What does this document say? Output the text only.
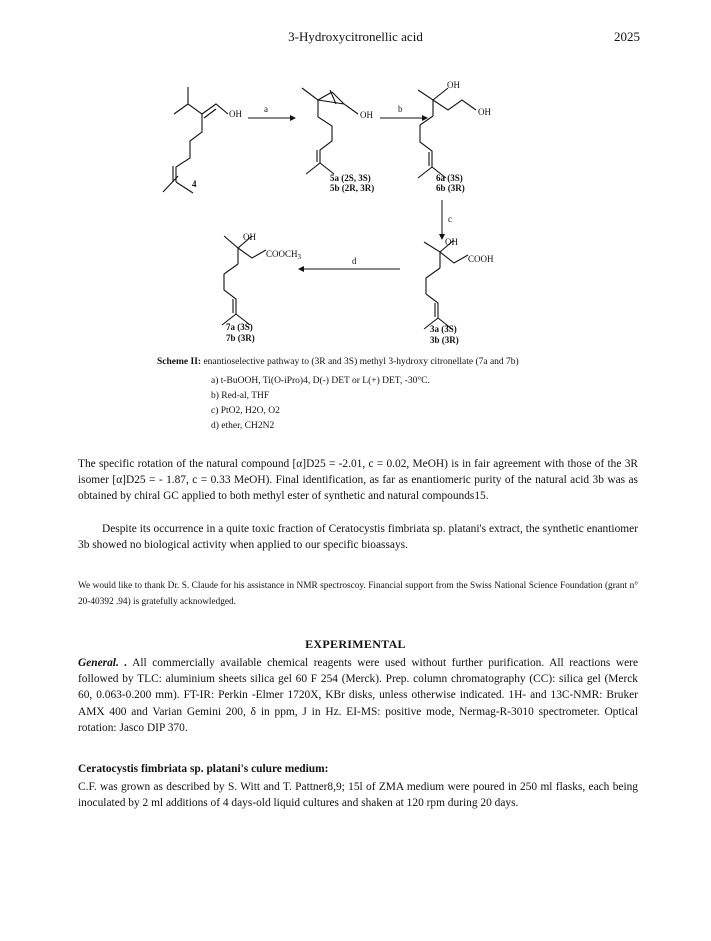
3-Hydroxycitronellic acid	2025
OH
4
a
OH
5a (2S, 3S)
5b (2R, 3R)
b
OH
OH
6a (3S)
6b (3R)
c
OH
COOH
3a (3S)
3b (3R)
d
OH
$COOCH_3$
7a (3S)
7b (3R)
Scheme II: enantioselective pathway to (3R and 3S) methyl 3-hydroxy citronellate (7a and 7b)
a) t-BuOOH, Ti(O-iPro)4, D(-) DET or L(+) DET, -30°C.
b) Red-al, THF
c) PtO2, H2O, O2
d) ether, CH2N2

The specific rotation of the natural compound [α]D25 = -2.01, c = 0.02, MeOH) is in fair agreement with those of the 3R isomer [α]D25 = - 1.87, c = 0.33 MeOH). Final identification, as far as enantiomeric purity of the natural acid 3b was as obtained by chiral GC applied to both methyl ester of synthetic and natural compounds15.

Despite its occurrence in a quite toxic fraction of Ceratocystis fimbriata sp. platani's extract, the synthetic enantiomer 3b showed no biological activity when applied to our specific bioassays.

We would like to thank Dr. S. Claude for his assistance in NMR spectroscoy. Financial support from the Swiss National Science Foundation (grant n° 20-40392 .94) is gratefully acknowledged.
EXPERIMENTAL

General. . All commercially available chemical reagents were used without further purification. All reactions were followed by TLC: aluminium sheets silica gel 60 F 254 (Merck). Prep. column chromatography (CC): silica gel (Merck 60, 0.063-0.200 mm). FT-IR: Perkin -Elmer 1720X, KBr disks, unless otherwise indicated. 1H- and 13C-NMR: Bruker AMX 400 and Varian Gemini 200, δ in ppm, J in Hz. EI-MS: positive mode, Nermag-R-3010 spectrometer. Optical rotation: Jasco DIP 370.

Ceratocystis fimbriata sp. platani's culure medium:

C.F. was grown as described by S. Witt and T. Pattner8,9; 15l of ZMA medium were poured in 250 ml flasks, each being inoculated by 2 ml additions of 4 days-old liquid cultures and shaken at 120 rpm during 20 days.
